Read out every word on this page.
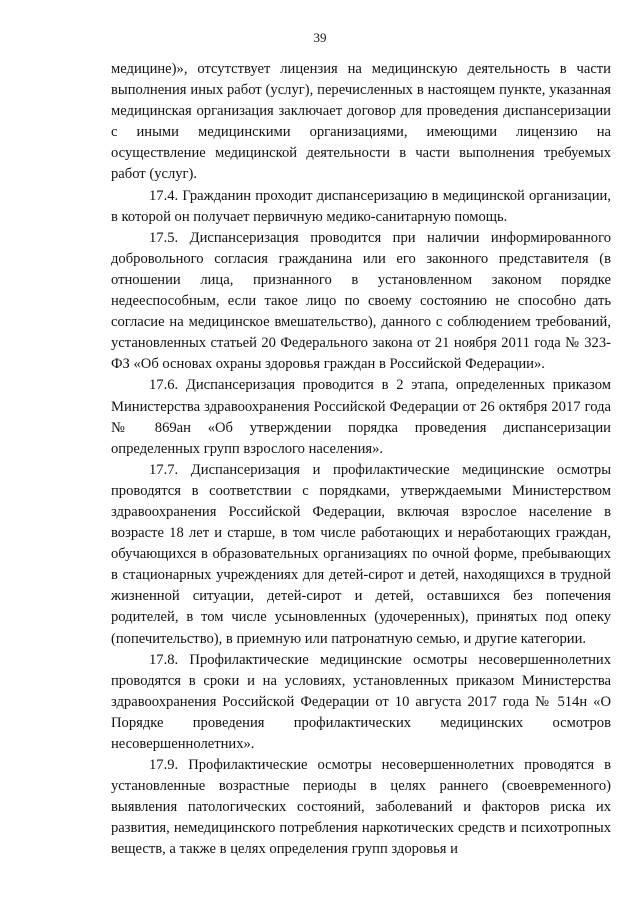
39

медицине)», отсутствует лицензия на медицинскую деятельность в части выполнения иных работ (услуг), перечисленных в настоящем пункте, указанная медицинская организация заключает договор для проведения диспансеризации с иными медицинскими организациями, имеющими лицензию на осуществление медицинской деятельности в части выполнения требуемых работ (услуг).

17.4. Гражданин проходит диспансеризацию в медицинской организации, в которой он получает первичную медико-санитарную помощь.

17.5. Диспансеризация проводится при наличии информированного добровольного согласия гражданина или его законного представителя (в отношении лица, признанного в установленном законом порядке недееспособным, если такое лицо по своему состоянию не способно дать согласие на медицинское вмешательство), данного с соблюдением требований, установленных статьей 20 Федерального закона от 21 ноября 2011 года № 323-ФЗ «Об основах охраны здоровья граждан в Российской Федерации».

17.6. Диспансеризация проводится в 2 этапа, определенных приказом Министерства здравоохранения Российской Федерации от 26 октября 2017 года № 869ан «Об утверждении порядка проведения диспансеризации определенных групп взрослого населения».

17.7. Диспансеризация и профилактические медицинские осмотры проводятся в соответствии с порядками, утверждаемыми Министерством здравоохранения Российской Федерации, включая взрослое население в возрасте 18 лет и старше, в том числе работающих и неработающих граждан, обучающихся в образовательных организациях по очной форме, пребывающих в стационарных учреждениях для детей-сирот и детей, находящихся в трудной жизненной ситуации, детей-сирот и детей, оставшихся без попечения родителей, в том числе усыновленных (удочеренных), принятых под опеку (попечительство), в приемную или патронатную семью, и другие категории.

17.8. Профилактические медицинские осмотры несовершеннолетних проводятся в сроки и на условиях, установленных приказом Министерства здравоохранения Российской Федерации от 10 августа 2017 года № 514н «О Порядке проведения профилактических медицинских осмотров несовершеннолетних».

17.9. Профилактические осмотры несовершеннолетних проводятся в установленные возрастные периоды в целях раннего (своевременного) выявления патологических состояний, заболеваний и факторов риска их развития, немедицинского потребления наркотических средств и психотропных веществ, а также в целях определения групп здоровья и
